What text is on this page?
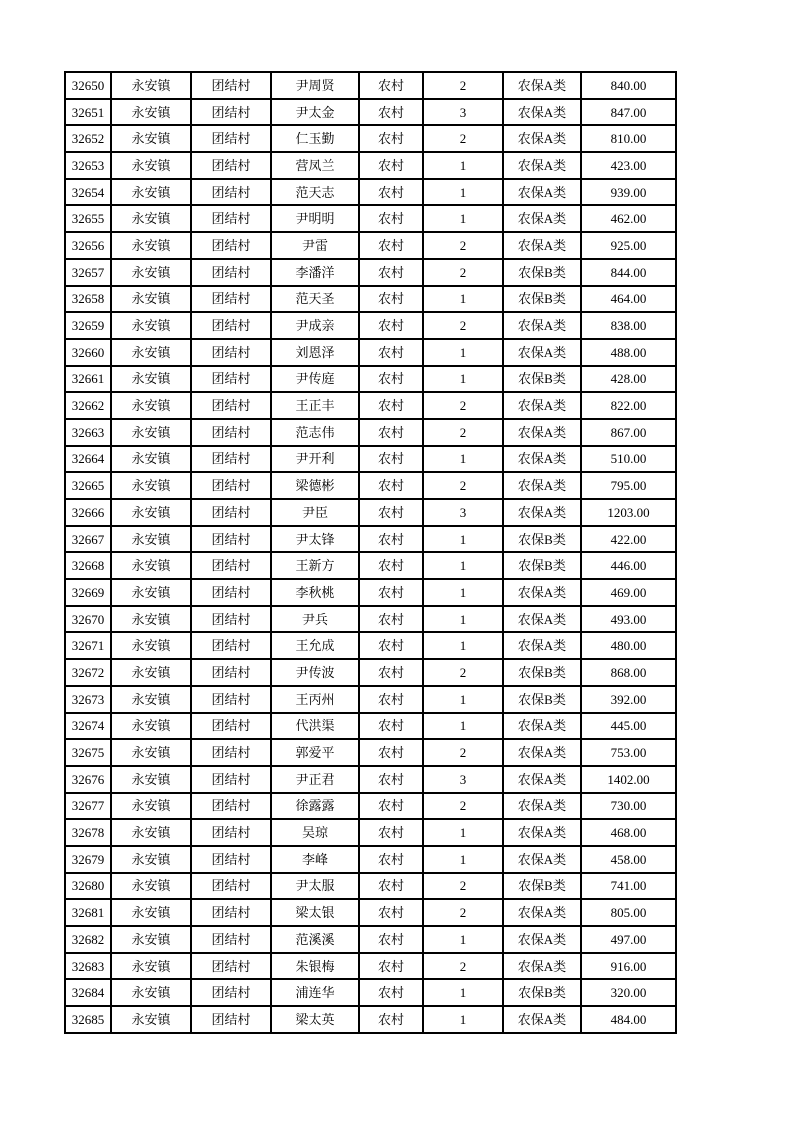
32650	永安镇	团结村	尹周贤	农村	2	农保A类	840.00
32651	永安镇	团结村	尹太金	农村	3	农保A类	847.00
32652	永安镇	团结村	仁玉勤	农村	2	农保A类	810.00
32653	永安镇	团结村	营凤兰	农村	1	农保A类	423.00
32654	永安镇	团结村	范天志	农村	1	农保A类	939.00
32655	永安镇	团结村	尹明明	农村	1	农保A类	462.00
32656	永安镇	团结村	尹雷	农村	2	农保A类	925.00
32657	永安镇	团结村	李潘洋	农村	2	农保B类	844.00
32658	永安镇	团结村	范天圣	农村	1	农保B类	464.00
32659	永安镇	团结村	尹成亲	农村	2	农保A类	838.00
32660	永安镇	团结村	刘恩泽	农村	1	农保A类	488.00
32661	永安镇	团结村	尹传庭	农村	1	农保B类	428.00
32662	永安镇	团结村	王正丰	农村	2	农保A类	822.00
32663	永安镇	团结村	范志伟	农村	2	农保A类	867.00
32664	永安镇	团结村	尹开利	农村	1	农保A类	510.00
32665	永安镇	团结村	梁德彬	农村	2	农保A类	795.00
32666	永安镇	团结村	尹臣	农村	3	农保A类	1203.00
32667	永安镇	团结村	尹太锋	农村	1	农保B类	422.00
32668	永安镇	团结村	王新方	农村	1	农保B类	446.00
32669	永安镇	团结村	李秋桃	农村	1	农保A类	469.00
32670	永安镇	团结村	尹兵	农村	1	农保A类	493.00
32671	永安镇	团结村	王允成	农村	1	农保A类	480.00
32672	永安镇	团结村	尹传波	农村	2	农保B类	868.00
32673	永安镇	团结村	王丙州	农村	1	农保B类	392.00
32674	永安镇	团结村	代洪渠	农村	1	农保A类	445.00
32675	永安镇	团结村	郭爱平	农村	2	农保A类	753.00
32676	永安镇	团结村	尹正君	农村	3	农保A类	1402.00
32677	永安镇	团结村	徐露露	农村	2	农保A类	730.00
32678	永安镇	团结村	吴琼	农村	1	农保A类	468.00
32679	永安镇	团结村	李峰	农村	1	农保A类	458.00
32680	永安镇	团结村	尹太服	农村	2	农保B类	741.00
32681	永安镇	团结村	梁太银	农村	2	农保A类	805.00
32682	永安镇	团结村	范溪溪	农村	1	农保A类	497.00
32683	永安镇	团结村	朱银梅	农村	2	农保A类	916.00
32684	永安镇	团结村	浦连华	农村	1	农保B类	320.00
32685	永安镇	团结村	梁太英	农村	1	农保A类	484.00
